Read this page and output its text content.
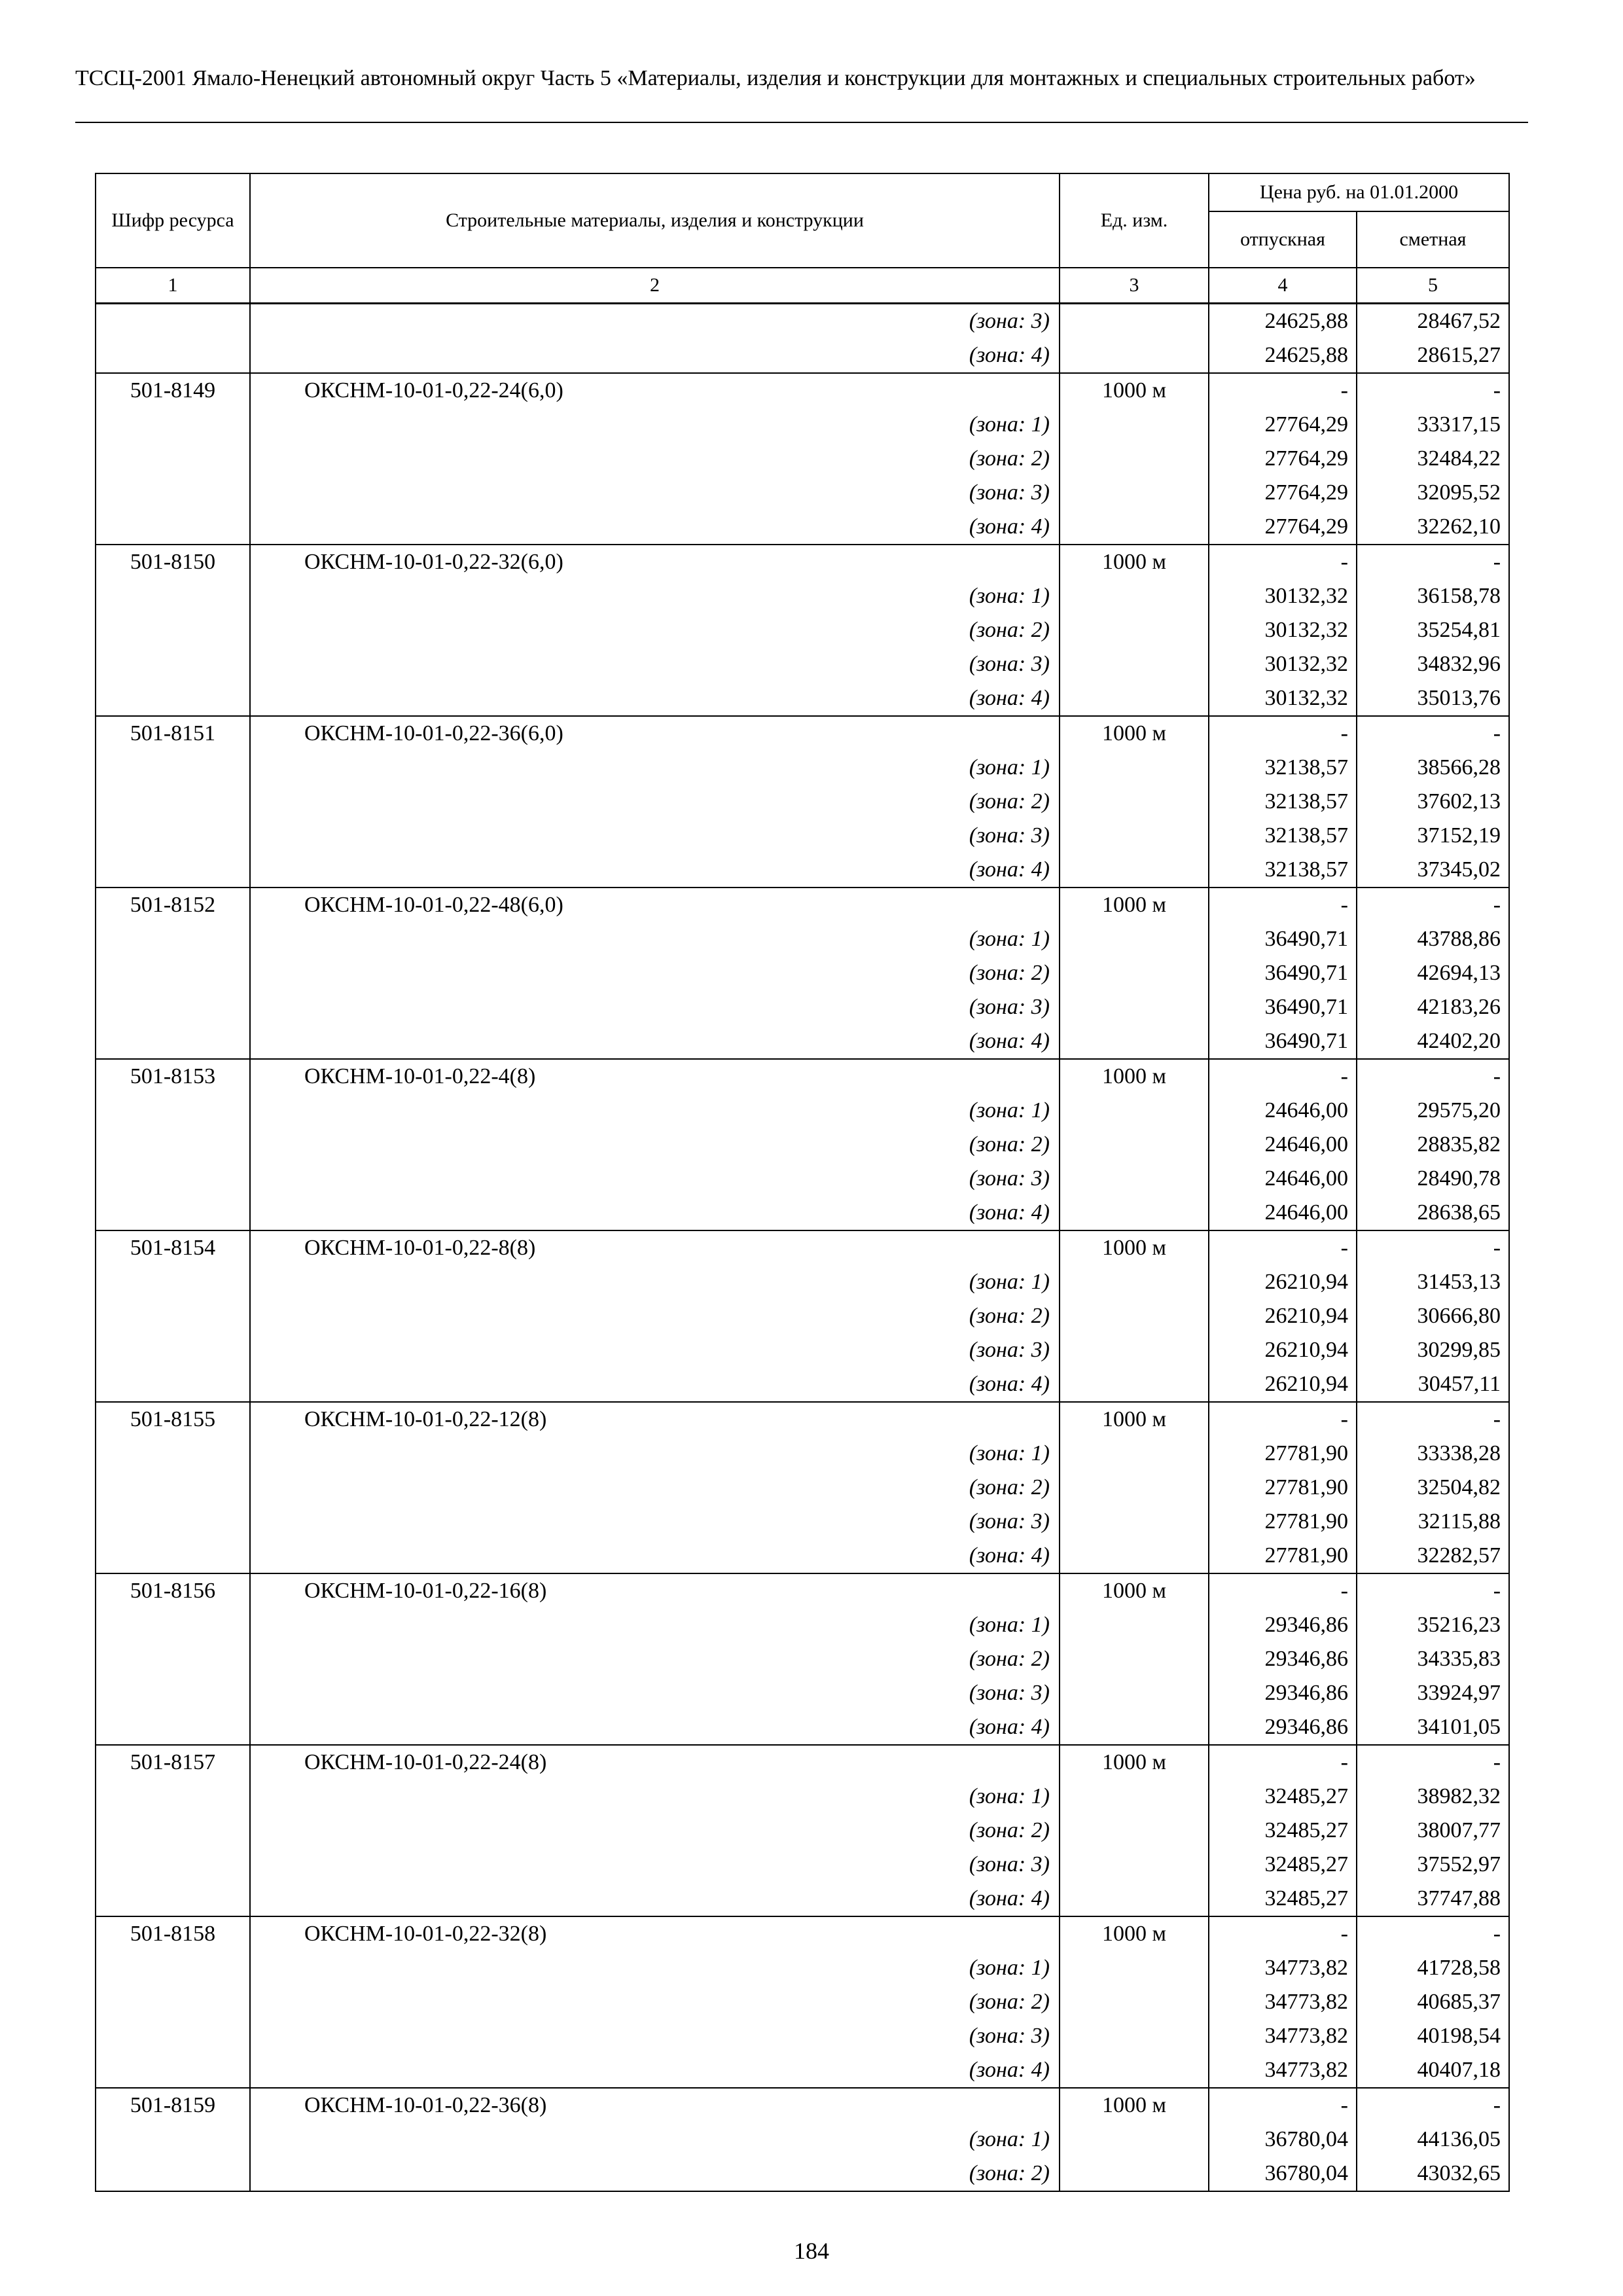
ТССЦ-2001 Ямало-Ненецкий автономный округ Часть 5 «Материалы, изделия и конструкции для монтажных и специальных строительных работ»
Шифр ресурса	Строительные материалы, изделия и конструкции	Ед. изм.	Цена руб. на 01.01.2000	
			отпускная	сметная
1	2	3	4	5
	(зона: 3)		24625,88	28467,52
	(зона: 4)		24625,88	28615,27
501-8149	ОКСНМ-10-01-0,22-24(6,0)	1000 м	-	-
	(зона: 1)		27764,29	33317,15
	(зона: 2)		27764,29	32484,22
	(зона: 3)		27764,29	32095,52
	(зона: 4)		27764,29	32262,10
501-8150	ОКСНМ-10-01-0,22-32(6,0)	1000 м	-	-
	(зона: 1)		30132,32	36158,78
	(зона: 2)		30132,32	35254,81
	(зона: 3)		30132,32	34832,96
	(зона: 4)		30132,32	35013,76
501-8151	ОКСНМ-10-01-0,22-36(6,0)	1000 м	-	-
	(зона: 1)		32138,57	38566,28
	(зона: 2)		32138,57	37602,13
	(зона: 3)		32138,57	37152,19
	(зона: 4)		32138,57	37345,02
501-8152	ОКСНМ-10-01-0,22-48(6,0)	1000 м	-	-
	(зона: 1)		36490,71	43788,86
	(зона: 2)		36490,71	42694,13
	(зона: 3)		36490,71	42183,26
	(зона: 4)		36490,71	42402,20
501-8153	ОКСНМ-10-01-0,22-4(8)	1000 м	-	-
	(зона: 1)		24646,00	29575,20
	(зона: 2)		24646,00	28835,82
	(зона: 3)		24646,00	28490,78
	(зона: 4)		24646,00	28638,65
501-8154	ОКСНМ-10-01-0,22-8(8)	1000 м	-	-
	(зона: 1)		26210,94	31453,13
	(зона: 2)		26210,94	30666,80
	(зона: 3)		26210,94	30299,85
	(зона: 4)		26210,94	30457,11
501-8155	ОКСНМ-10-01-0,22-12(8)	1000 м	-	-
	(зона: 1)		27781,90	33338,28
	(зона: 2)		27781,90	32504,82
	(зона: 3)		27781,90	32115,88
	(зона: 4)		27781,90	32282,57
501-8156	ОКСНМ-10-01-0,22-16(8)	1000 м	-	-
	(зона: 1)		29346,86	35216,23
	(зона: 2)		29346,86	34335,83
	(зона: 3)		29346,86	33924,97
	(зона: 4)		29346,86	34101,05
501-8157	ОКСНМ-10-01-0,22-24(8)	1000 м	-	-
	(зона: 1)		32485,27	38982,32
	(зона: 2)		32485,27	38007,77
	(зона: 3)		32485,27	37552,97
	(зона: 4)		32485,27	37747,88
501-8158	ОКСНМ-10-01-0,22-32(8)	1000 м	-	-
	(зона: 1)		34773,82	41728,58
	(зона: 2)		34773,82	40685,37
	(зона: 3)		34773,82	40198,54
	(зона: 4)		34773,82	40407,18
501-8159	ОКСНМ-10-01-0,22-36(8)	1000 м	-	-
	(зона: 1)		36780,04	44136,05
	(зона: 2)		36780,04	43032,65
184
